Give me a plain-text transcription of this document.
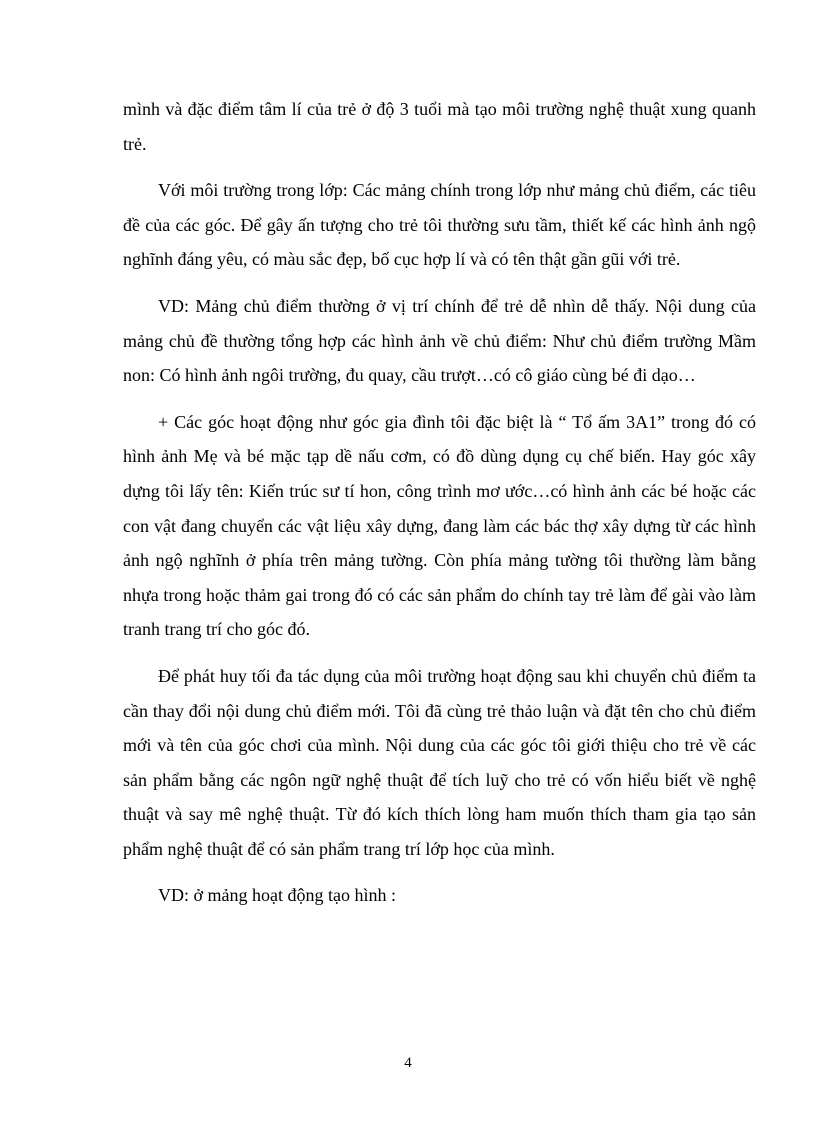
mình và đặc điểm tâm lí của trẻ ở độ 3 tuổi mà tạo môi trường nghệ thuật xung quanh trẻ.

Với môi trường trong lớp: Các mảng chính trong lớp như mảng chủ điểm, các tiêu đề của các góc. Để gây ấn tượng cho trẻ tôi thường sưu tầm, thiết kế các hình ảnh ngộ nghĩnh đáng yêu, có màu sắc đẹp, bố cục hợp lí và có tên thật gần gũi với trẻ.

VD: Mảng chủ điểm thường ở vị trí chính để trẻ dễ nhìn dễ thấy. Nội dung của mảng chủ đề thường tổng hợp các hình ảnh về chủ điểm: Như chủ điểm trường Mầm non: Có hình ảnh ngôi trường, đu quay, cầu trượt…có cô giáo cùng bé đi dạo…

+ Các góc hoạt động như góc gia đình tôi đặc biệt là “ Tổ ấm 3A1” trong đó có hình ảnh Mẹ và bé mặc tạp dề nấu cơm, có đồ dùng dụng cụ chế biến. Hay góc xây dựng tôi lấy tên: Kiến trúc sư tí hon, công trình mơ ước…có hình ảnh các bé hoặc các con vật đang chuyển các vật liệu xây dựng, đang làm các bác thợ xây dựng từ các hình ảnh ngộ nghĩnh ở phía trên mảng tường. Còn phía mảng tường tôi thường làm bằng nhựa trong hoặc thảm gai trong đó có các sản phẩm do chính tay trẻ làm để gài vào làm tranh trang trí cho góc đó.

Để phát huy tối đa tác dụng của môi trường hoạt động sau khi chuyển chủ điểm ta cần thay đổi nội dung chủ điểm mới. Tôi đã cùng trẻ thảo luận và đặt tên cho chủ điểm mới và tên của góc chơi của mình. Nội dung của các góc tôi giới thiệu cho trẻ về các sản phẩm bằng các ngôn ngữ nghệ thuật để tích luỹ cho trẻ có vốn hiểu biết về nghệ thuật và say mê nghệ thuật. Từ đó kích thích lòng ham muốn thích tham gia tạo sản phẩm nghệ thuật để có sản phẩm trang trí lớp học của mình.

VD: ở mảng hoạt động tạo hình :

4
